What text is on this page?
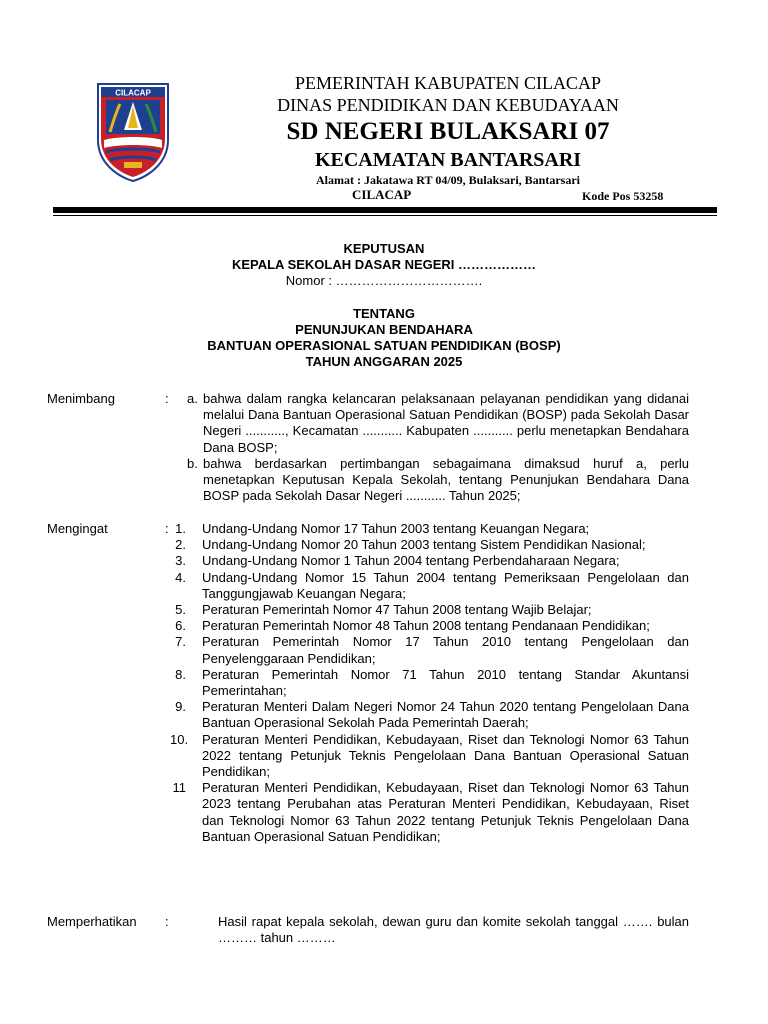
CILACAP	PEMERINTAH KABUPATEN CILACAP
DINAS PENDIDIKAN DAN KEBUDAYAAN
SD NEGERI BULAKSARI 07
KECAMATAN BANTARSARI
Alamat : Jakatawa RT 04/09, Bulaksari, Bantarsari
CILACAP	Kode Pos 53258
KEPUTUSAN
KEPALA SEKOLAH DASAR NEGERI ………………
Nomor : …………………………….
TENTANG
PENUNJUKAN BENDAHARA
BANTUAN OPERASIONAL SATUAN PENDIDIKAN (BOSP)
TAHUN ANGGARAN 2025
Menimbang	:	a. bahwa dalam rangka kelancaran pelaksanaan pelayanan pendidikan yang didanai melalui Dana Bantuan Operasional Satuan Pendidikan (BOSP) pada Sekolah Dasar Negeri ..........., Kecamatan ........... Kabupaten ........... perlu menetapkan Bendahara Dana BOSP;
b. bahwa berdasarkan pertimbangan sebagaimana dimaksud huruf a, perlu menetapkan Keputusan Kepala Sekolah, tentang Penunjukan Bendahara Dana BOSP pada Sekolah Dasar Negeri ........... Tahun 2025;
Mengingat	: 1.	Undang-Undang Nomor 17 Tahun 2003 tentang Keuangan Negara;
2.	Undang-Undang Nomor 20 Tahun 2003 tentang Sistem Pendidikan Nasional;
3.	Undang-Undang Nomor 1 Tahun 2004 tentang Perbendaharaan Negara;
4.	Undang-Undang Nomor 15 Tahun 2004 tentang Pemeriksaan Pengelolaan dan Tanggungjawab Keuangan Negara;
5.	Peraturan Pemerintah Nomor 47 Tahun 2008 tentang Wajib Belajar;
6.	Peraturan Pemerintah Nomor 48 Tahun 2008 tentang Pendanaan Pendidikan;
7.	Peraturan Pemerintah Nomor 17 Tahun 2010 tentang Pengelolaan dan Penyelenggaraan Pendidikan;
8.	Peraturan Pemerintah Nomor 71 Tahun 2010 tentang Standar Akuntansi Pemerintahan;
9.	Peraturan Menteri Dalam Negeri Nomor 24 Tahun 2020 tentang Pengelolaan Dana Bantuan Operasional Sekolah Pada Pemerintah Daerah;
10.	Peraturan Menteri Pendidikan, Kebudayaan, Riset dan Teknologi Nomor 63 Tahun 2022 tentang Petunjuk Teknis Pengelolaan Dana Bantuan Operasional Satuan Pendidikan;
11	Peraturan Menteri Pendidikan, Kebudayaan, Riset dan Teknologi Nomor 63 Tahun 2023 tentang Perubahan atas Peraturan Menteri Pendidikan, Kebudayaan, Riset dan Teknologi Nomor 63 Tahun 2022 tentang Petunjuk Teknis Pengelolaan Dana Bantuan Operasional Satuan Pendidikan;
Memperhatikan :	Hasil rapat kepala sekolah, dewan guru dan komite sekolah tanggal ……. bulan ……… tahun ………
